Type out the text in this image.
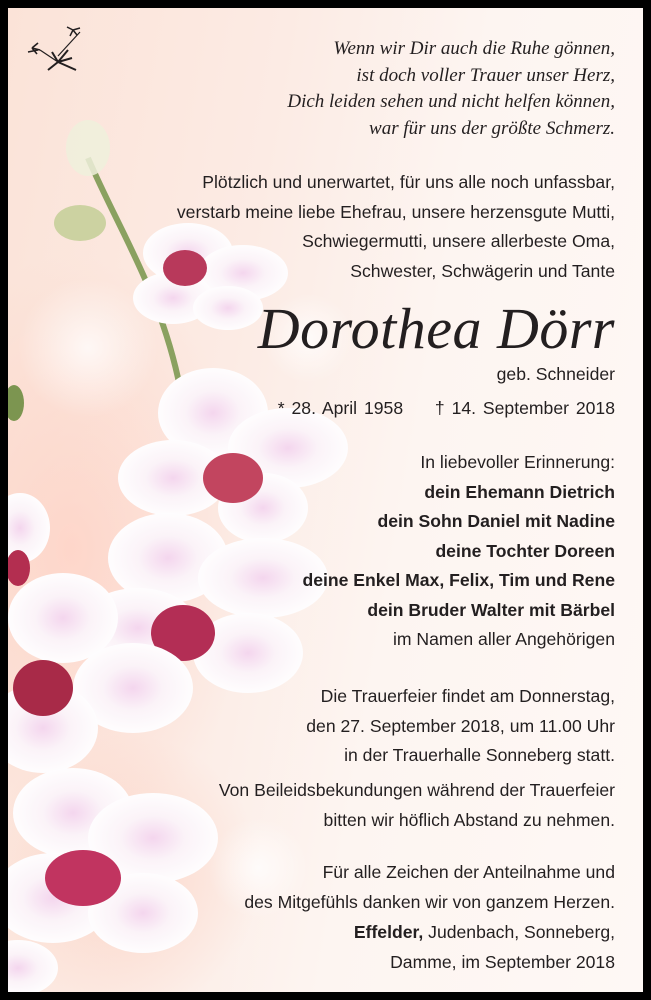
Wenn wir Dir auch die Ruhe gönnen,
ist doch voller Trauer unser Herz,
Dich leiden sehen und nicht helfen können,
war für uns der größte Schmerz.
Plötzlich und unerwartet, für uns alle noch unfassbar,
verstarb meine liebe Ehefrau, unsere herzensgute Mutti,
Schwiegermutti, unsere allerbeste Oma,
Schwester, Schwägerin und Tante
Dorothea Dörr
geb. Schneider
* 28. April 1958 † 14. September 2018
In liebevoller Erinnerung:
dein Ehemann Dietrich
dein Sohn Daniel mit Nadine
deine Tochter Doreen
deine Enkel Max, Felix, Tim und Rene
dein Bruder Walter mit Bärbel
im Namen aller Angehörigen
Die Trauerfeier findet am Donnerstag,
den 27. September 2018, um 11.00 Uhr
in der Trauerhalle Sonneberg statt.
Von Beileidsbekundungen während der Trauerfeier
bitten wir höflich Abstand zu nehmen.
Für alle Zeichen der Anteilnahme und
des Mitgefühls danken wir von ganzem Herzen.
Effelder, Judenbach, Sonneberg,
Damme, im September 2018
